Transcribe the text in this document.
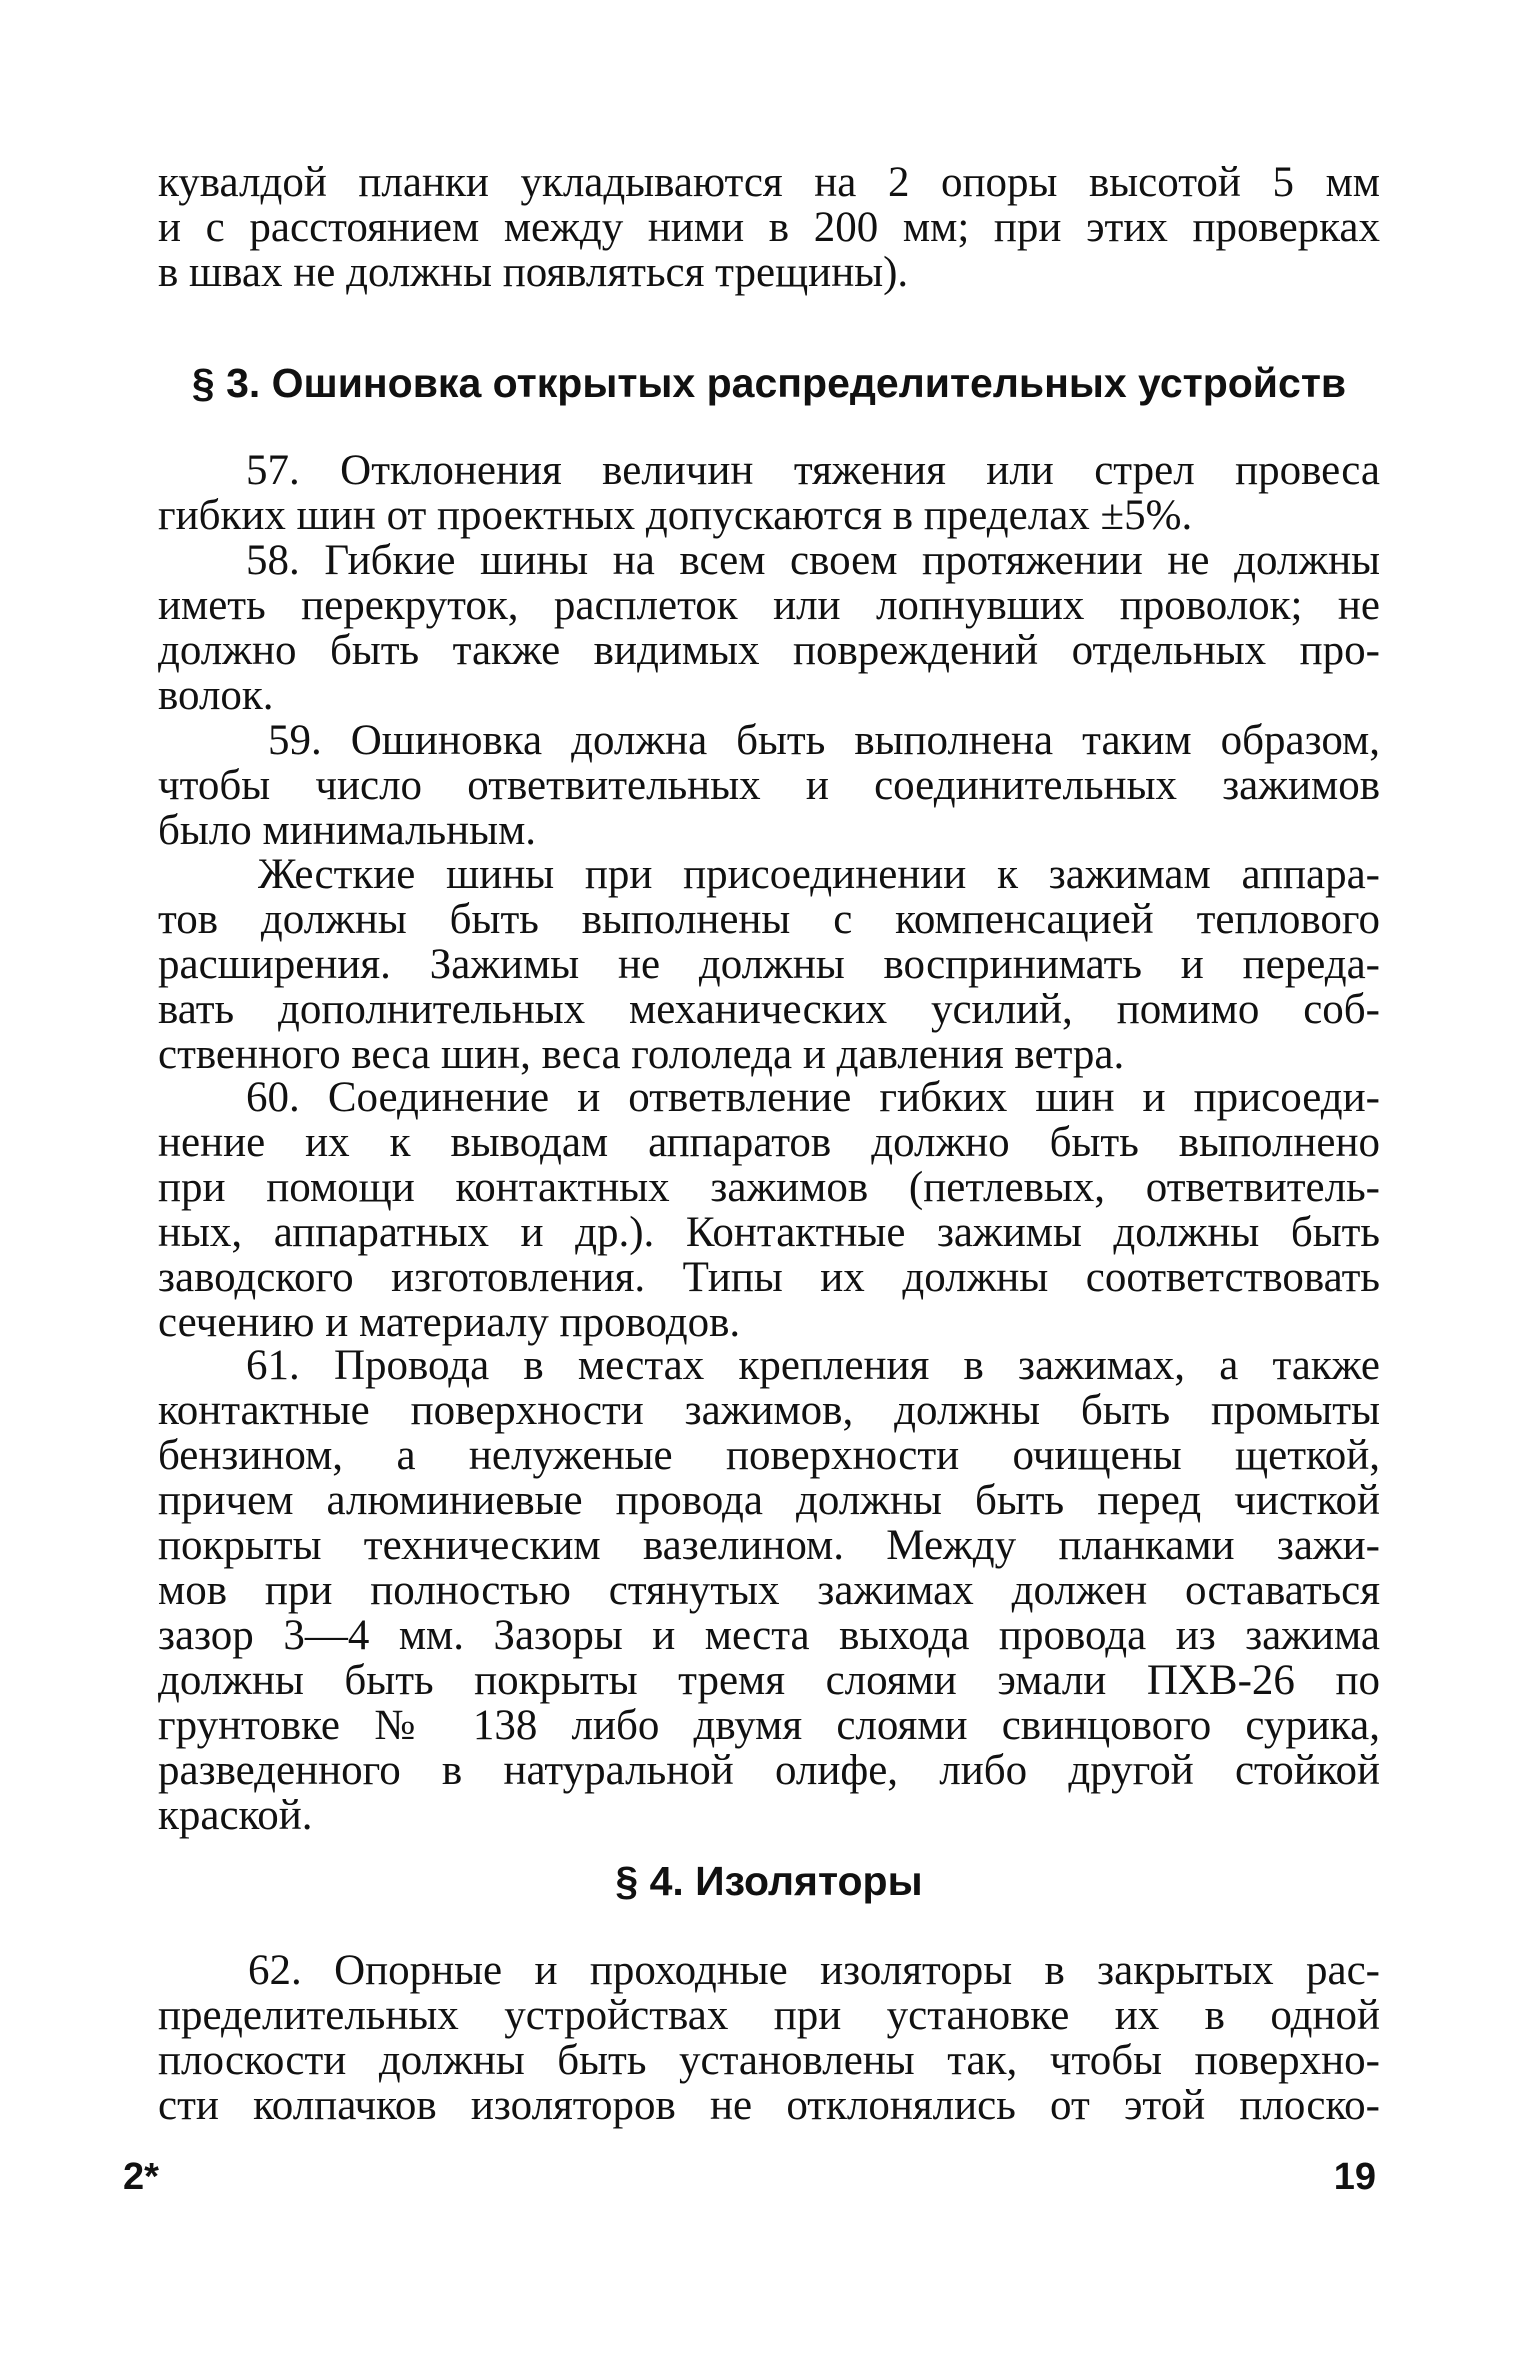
кувалдой планки укладываются на 2 опоры высотой 5 мм
и с расстоянием между ними в 200 мм; при этих проверках
в швах не должны появляться трещины).
§ 3. Ошиновка открытых распределительных устройств
57. Отклонения величин тяжения или стрел провеса
гибких шин от проектных допускаются в пределах ±5%.
58. Гибкие шины на всем своем протяжении не должны
иметь перекруток, расплеток или лопнувших проволок; не
должно быть также видимых повреждений отдельных про-
волок.
59. Ошиновка должна быть выполнена таким образом,
чтобы число ответвительных и соединительных зажимов
было минимальным.
Жесткие шины при присоединении к зажимам аппара-
тов должны быть выполнены с компенсацией теплового
расширения. Зажимы не должны воспринимать и переда-
вать дополнительных механических усилий, помимо соб-
ственного веса шин, веса гололеда и давления ветра.
60. Соединение и ответвление гибких шин и присоеди-
нение их к выводам аппаратов должно быть выполнено
при помощи контактных зажимов (петлевых, ответвитель-
ных, аппаратных и др.). Контактные зажимы должны быть
заводского изготовления. Типы их должны соответствовать
сечению и материалу проводов.
61. Провода в местах крепления в зажимах, а также
контактные поверхности зажимов, должны быть промыты
бензином, а нелуженые поверхности очищены щеткой,
причем алюминиевые провода должны быть перед чисткой
покрыты техническим вазелином. Между планками зажи-
мов при полностью стянутых зажимах должен оставаться
зазор 3—4 мм. Зазоры и места выхода провода из зажима
должны быть покрыты тремя слоями эмали ПХВ-26 по
грунтовке № 138 либо двумя слоями свинцового сурика,
разведенного в натуральной олифе, либо другой стойкой
краской.
§ 4. Изоляторы
62. Опорные и проходные изоляторы в закрытых рас-
пределительных устройствах при установке их в одной
плоскости должны быть установлены так, чтобы поверхно-
сти колпачков изоляторов не отклонялись от этой плоско-
2*	19
